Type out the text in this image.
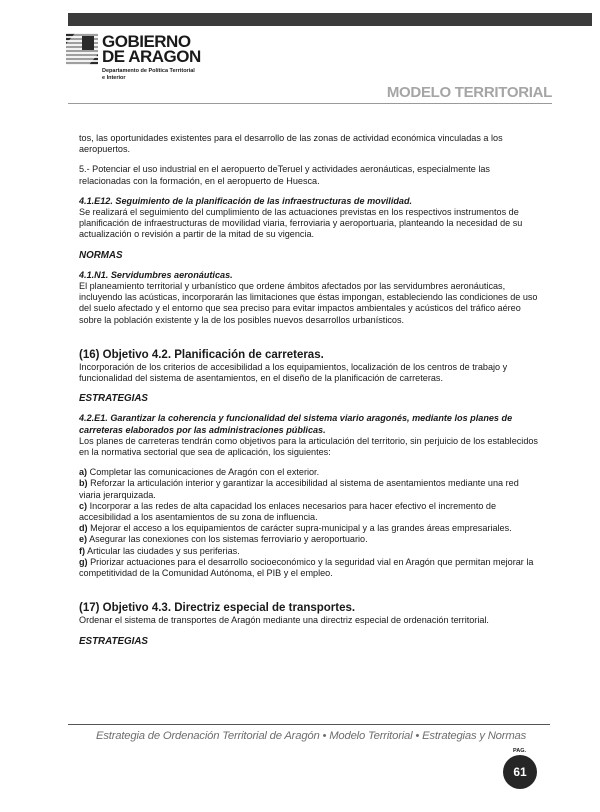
GOBIERNO
DE ARAGON
Departamento de Política Territorial
e Interior
MODELO TERRITORIAL

tos, las oportunidades existentes para el desarrollo de las zonas de actividad económica vinculadas a los aeropuertos.

5.- Potenciar el uso industrial en el aeropuerto deTeruel y actividades aeronáuticas, especialmente las relacionadas con la formación, en el aeropuerto de Huesca.

4.1.E12. Seguimiento de la planificación de las infraestructuras de movilidad.

Se realizará el seguimiento del cumplimiento de las actuaciones previstas en los respectivos instrumentos de planificación de infraestructuras de movilidad viaria, ferroviaria y aeroportuaria, planteando la necesidad de su actualización o revisión a partir de la mitad de su vigencia.

NORMAS

4.1.N1. Servidumbres aeronáuticas.

El planeamiento territorial y urbanístico que ordene ámbitos afectados por las servidumbres aeronáuticas, incluyendo las acústicas, incorporarán las limitaciones que éstas impongan, estableciendo las condiciones de uso del suelo afectado y el entorno que sea preciso para evitar impactos ambientales y acústicos del tráfico aéreo sobre la población existente y la de los posibles nuevos desarrollos urbanísticos.

(16) Objetivo 4.2. Planificación de carreteras.

Incorporación de los criterios de accesibilidad a los equipamientos, localización de los centros de trabajo y funcionalidad del sistema de asentamientos, en el diseño de la planificación de carreteras.

ESTRATEGIAS

4.2.E1. Garantizar la coherencia y funcionalidad del sistema viario aragonés, mediante los planes de carreteras elaborados por las administraciones públicas.

Los planes de carreteras tendrán como objetivos para la articulación del territorio, sin perjuicio de los establecidos en la normativa sectorial que sea de aplicación, los siguientes:

a) Completar las comunicaciones de Aragón con el exterior.

b) Reforzar la articulación interior y garantizar la accesibilidad al sistema de asentamientos mediante una red viaria jerarquizada.

c) Incorporar a las redes de alta capacidad los enlaces necesarios para hacer efectivo el incremento de accesibilidad a los asentamientos de su zona de influencia.

d) Mejorar el acceso a los equipamientos de carácter supra-municipal y a las grandes áreas empresariales.

e) Asegurar las conexiones con los sistemas ferroviario y aeroportuario.

f) Articular las ciudades y sus periferias.

g) Priorizar actuaciones para el desarrollo socioeconómico y la seguridad vial en Aragón que permitan mejorar la competitividad de la Comunidad Autónoma, el PIB y el empleo.

(17) Objetivo 4.3. Directriz especial de transportes.

Ordenar el sistema de transportes de Aragón mediante una directriz especial de ordenación territorial.

ESTRATEGIAS

Estrategia de Ordenación Territorial de Aragón • Modelo Territorial • Estrategias y Normas
PAG.
61
